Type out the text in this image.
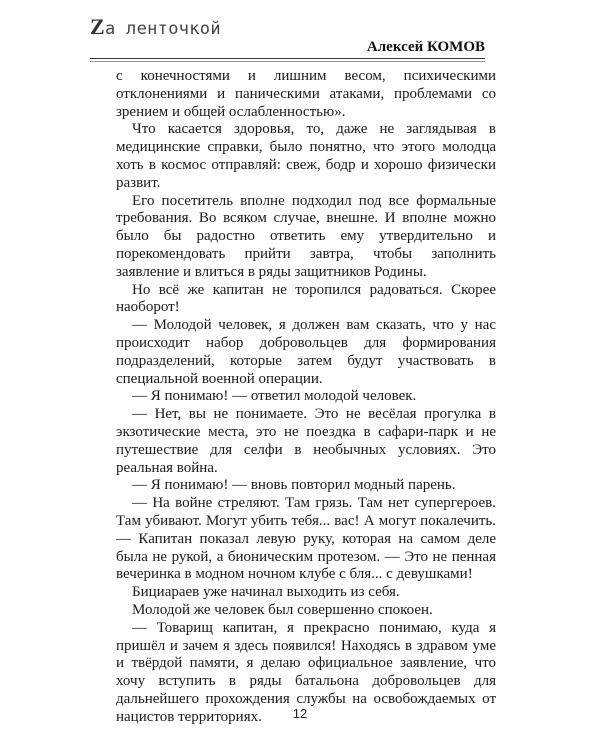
Zа ленточкой
Алексей КОМОВ

с конечностями и лишним весом, психическими отклонениями и паническими атаками, проблемами со зрением и общей ослабленностью».

Что касается здоровья, то, даже не заглядывая в медицинские справки, было понятно, что этого молодца хоть в космос отправляй: свеж, бодр и хорошо физически развит.

Его посетитель вполне подходил под все формальные требования. Во всяком случае, внешне. И вполне можно было бы радостно ответить ему утвердительно и порекомендовать прийти завтра, чтобы заполнить заявление и влиться в ряды защитников Родины.

Но всё же капитан не торопился радоваться. Скорее наоборот!

— Молодой человек, я должен вам сказать, что у нас происходит набор добровольцев для формирования подразделений, которые затем будут участвовать в специальной военной операции.

— Я понимаю! — ответил молодой человек.

— Нет, вы не понимаете. Это не весёлая прогулка в экзотические места, это не поездка в сафари-парк и не путешествие для селфи в необычных условиях. Это реальная война.

— Я понимаю! — вновь повторил модный парень.

— На войне стреляют. Там грязь. Там нет супергероев. Там убивают. Могут убить тебя... вас! А могут покалечить. — Капитан показал левую руку, которая на самом деле была не рукой, а бионическим протезом. — Это не пенная вечеринка в модном ночном клубе с бля... с девушками!

Бициараев уже начинал выходить из себя.

Молодой же человек был совершенно спокоен.

— Товарищ капитан, я прекрасно понимаю, куда я пришёл и зачем я здесь появился! Находясь в здравом уме и твёрдой памяти, я делаю официальное заявление, что хочу вступить в ряды батальона добровольцев для дальнейшего прохождения службы на освобождаемых от нацистов территориях.	12
